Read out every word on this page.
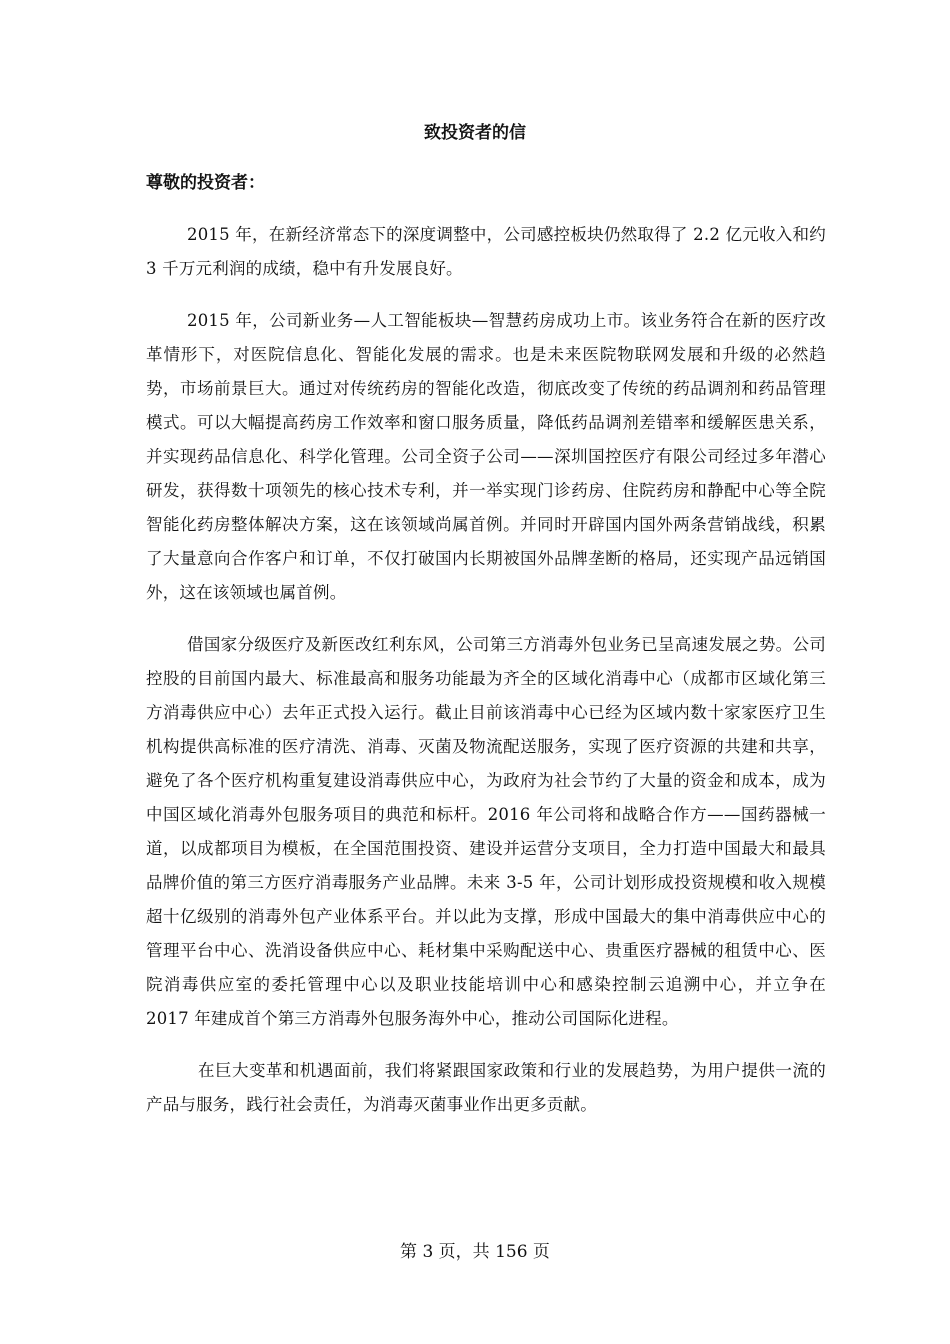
致投资者的信

尊敬的投资者：

2015 年，在新经济常态下的深度调整中，公司感控板块仍然取得了 2.2 亿元收入和约 3 千万元利润的成绩，稳中有升发展良好。

2015 年，公司新业务—人工智能板块—智慧药房成功上市。该业务符合在新的医疗改革情形下，对医院信息化、智能化发展的需求。也是未来医院物联网发展和升级的必然趋势，市场前景巨大。通过对传统药房的智能化改造，彻底改变了传统的药品调剂和药品管理模式。可以大幅提高药房工作效率和窗口服务质量，降低药品调剂差错率和缓解医患关系，并实现药品信息化、科学化管理。公司全资子公司——深圳国控医疗有限公司经过多年潜心研发，获得数十项领先的核心技术专利，并一举实现门诊药房、住院药房和静配中心等全院智能化药房整体解决方案，这在该领域尚属首例。并同时开辟国内国外两条营销战线，积累了大量意向合作客户和订单，不仅打破国内长期被国外品牌垄断的格局，还实现产品远销国外，这在该领域也属首例。

借国家分级医疗及新医改红利东风，公司第三方消毒外包业务已呈高速发展之势。公司控股的目前国内最大、标准最高和服务功能最为齐全的区域化消毒中心（成都市区域化第三方消毒供应中心）去年正式投入运行。截止目前该消毒中心已经为区域内数十家家医疗卫生机构提供高标准的医疗清洗、消毒、灭菌及物流配送服务，实现了医疗资源的共建和共享，避免了各个医疗机构重复建设消毒供应中心，为政府为社会节约了大量的资金和成本，成为中国区域化消毒外包服务项目的典范和标杆。2016 年公司将和战略合作方——国药器械一道，以成都项目为模板，在全国范围投资、建设并运营分支项目，全力打造中国最大和最具品牌价值的第三方医疗消毒服务产业品牌。未来 3-5 年，公司计划形成投资规模和收入规模超十亿级别的消毒外包产业体系平台。并以此为支撑，形成中国最大的集中消毒供应中心的管理平台中心、洗消设备供应中心、耗材集中采购配送中心、贵重医疗器械的租赁中心、医院消毒供应室的委托管理中心以及职业技能培训中心和感染控制云追溯中心，并立争在 2017 年建成首个第三方消毒外包服务海外中心，推动公司国际化进程。

在巨大变革和机遇面前，我们将紧跟国家政策和行业的发展趋势，为用户提供一流的产品与服务，践行社会责任，为消毒灭菌事业作出更多贡献。

第 3 页，共 156 页
